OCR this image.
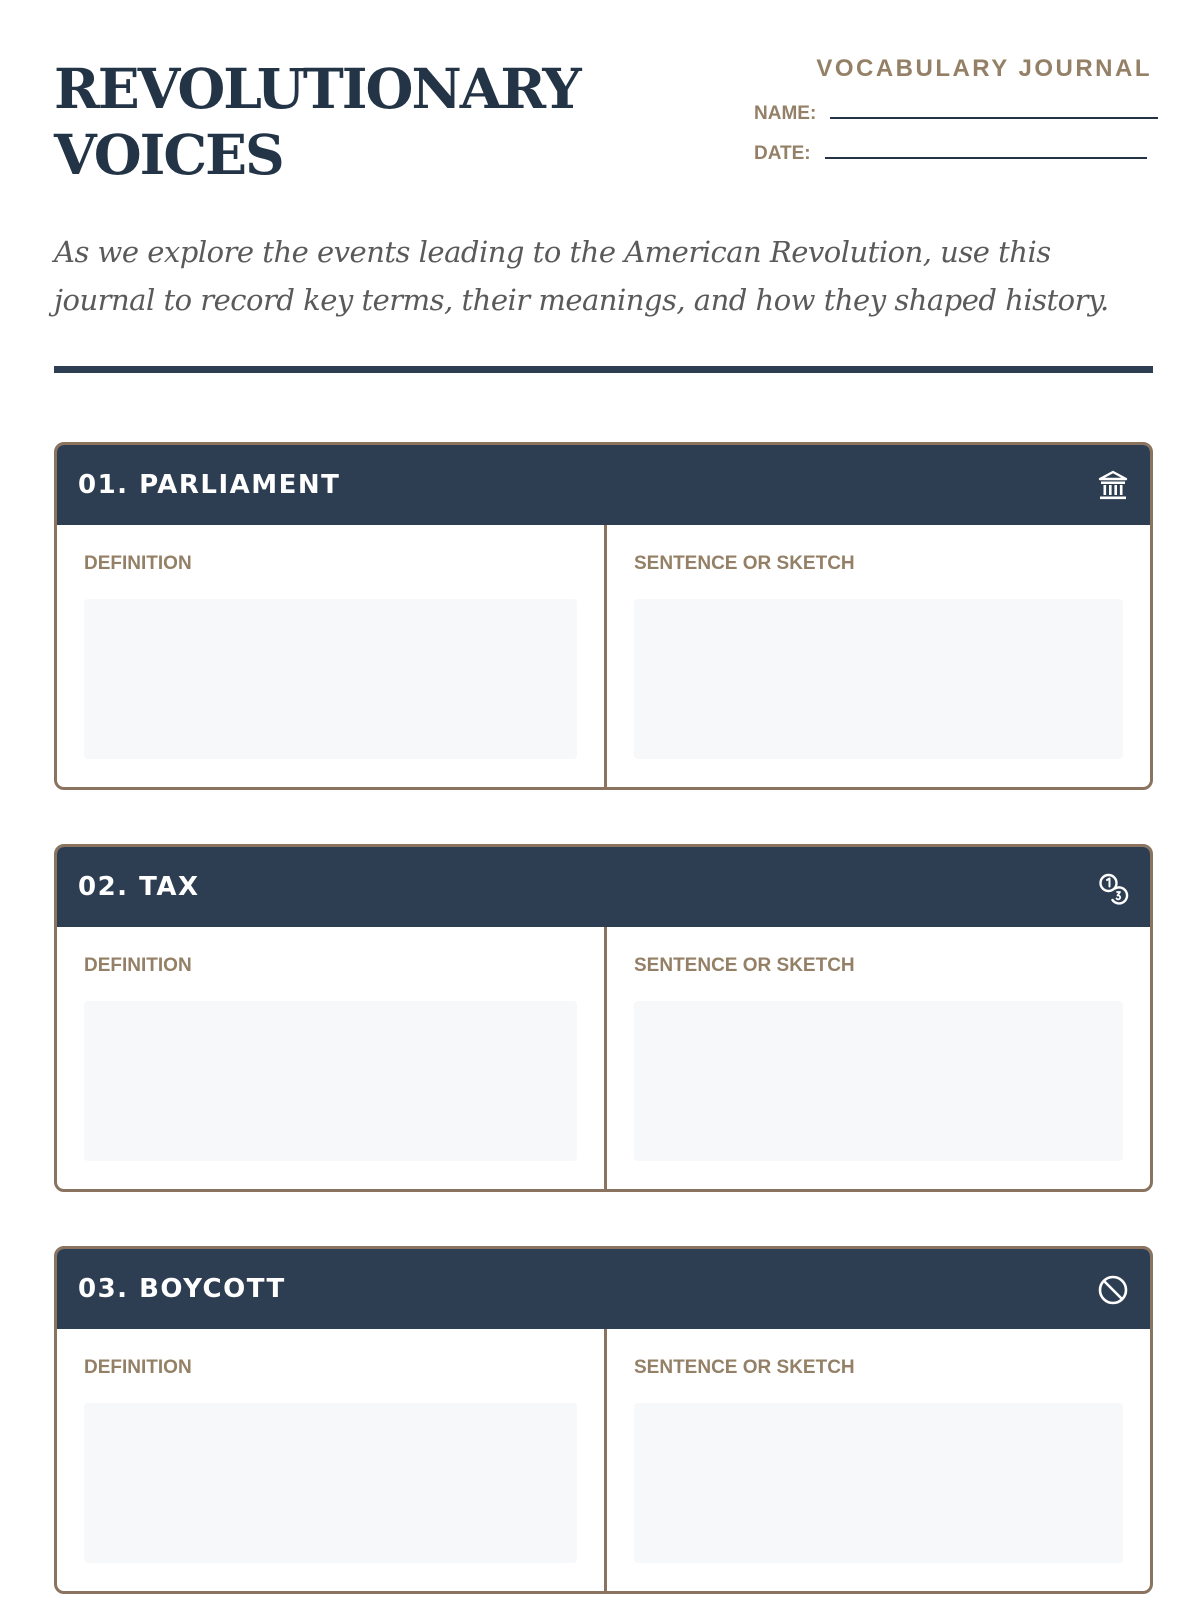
REVOLUTIONARY
VOICES
VOCABULARY JOURNAL
NAME:
DATE:

As we explore the events leading to the American Revolution, use this journal to record key terms, their meanings, and how they shaped history.

01. PARLIAMENT
DEFINITION	SENTENCE OR SKETCH
02. TAX
DEFINITION	SENTENCE OR SKETCH
03. BOYCOTT
DEFINITION	SENTENCE OR SKETCH
